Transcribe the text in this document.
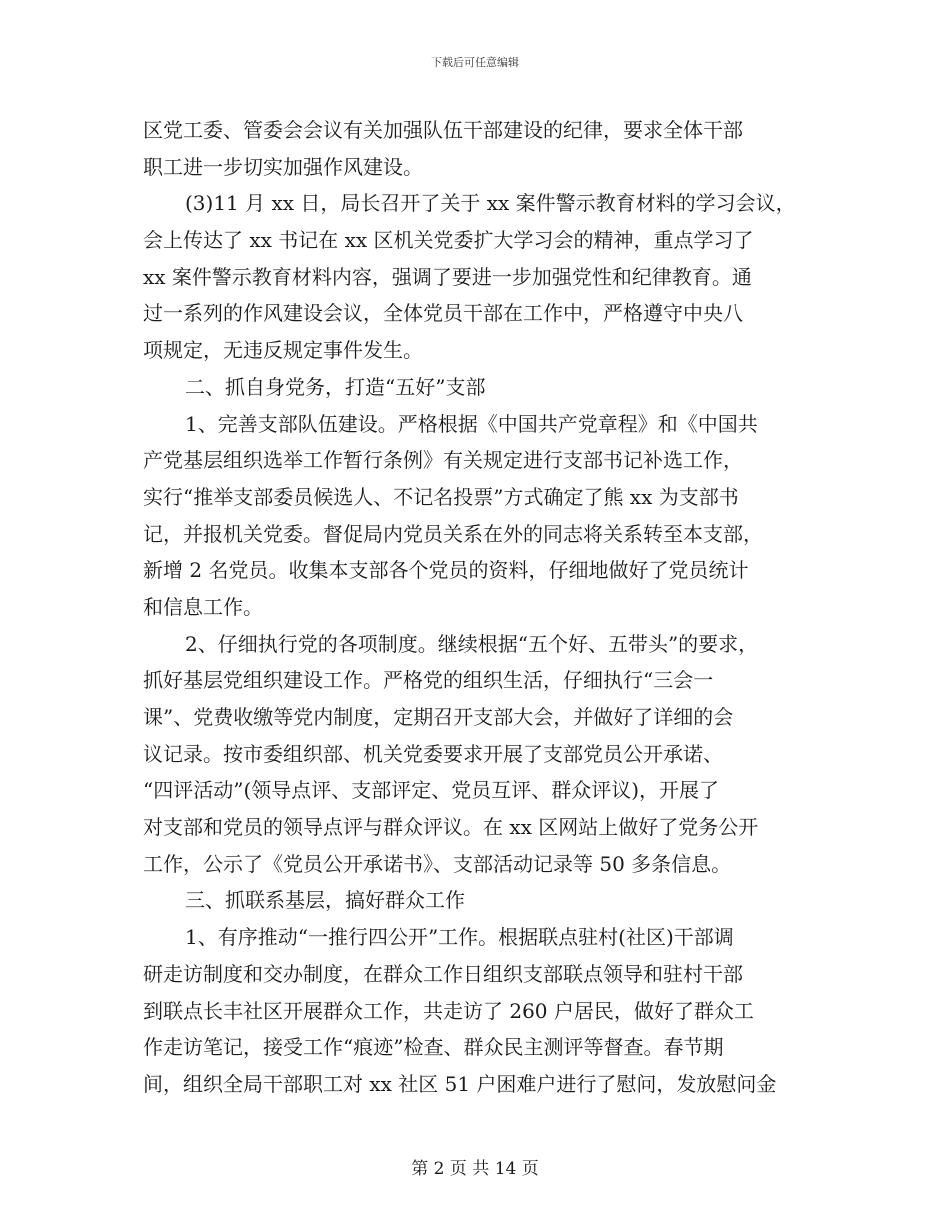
下载后可任意编辑
区党工委、管委会会议有关加强队伍干部建设的纪律，要求全体干部
职工进一步切实加强作风建设。
(3)11 月 xx 日，局长召开了关于 xx 案件警示教育材料的学习会议，
会上传达了 xx 书记在 xx 区机关党委扩大学习会的精神，重点学习了
xx 案件警示教育材料内容，强调了要进一步加强党性和纪律教育。通
过一系列的作风建设会议，全体党员干部在工作中，严格遵守中央八
项规定，无违反规定事件发生。
二、抓自身党务，打造“五好”支部
1、完善支部队伍建设。严格根据《中国共产党章程》和《中国共
产党基层组织选举工作暂行条例》有关规定进行支部书记补选工作，
实行“推举支部委员候选人、不记名投票”方式确定了熊 xx 为支部书
记，并报机关党委。督促局内党员关系在外的同志将关系转至本支部，
新增 2 名党员。收集本支部各个党员的资料，仔细地做好了党员统计
和信息工作。
2、仔细执行党的各项制度。继续根据“五个好、五带头”的要求，
抓好基层党组织建设工作。严格党的组织生活，仔细执行“三会一
课”、党费收缴等党内制度，定期召开支部大会，并做好了详细的会
议记录。按市委组织部、机关党委要求开展了支部党员公开承诺、
“四评活动”(领导点评、支部评定、党员互评、群众评议)，开展了
对支部和党员的领导点评与群众评议。在 xx 区网站上做好了党务公开
工作，公示了《党员公开承诺书》、支部活动记录等 50 多条信息。
三、抓联系基层，搞好群众工作
1、有序推动“一推行四公开”工作。根据联点驻村(社区)干部调
研走访制度和交办制度，在群众工作日组织支部联点领导和驻村干部
到联点长丰社区开展群众工作，共走访了 260 户居民，做好了群众工
作走访笔记，接受工作“痕迹”检查、群众民主测评等督查。春节期
间，组织全局干部职工对 xx 社区 51 户困难户进行了慰问，发放慰问金
第 2 页 共 14 页
